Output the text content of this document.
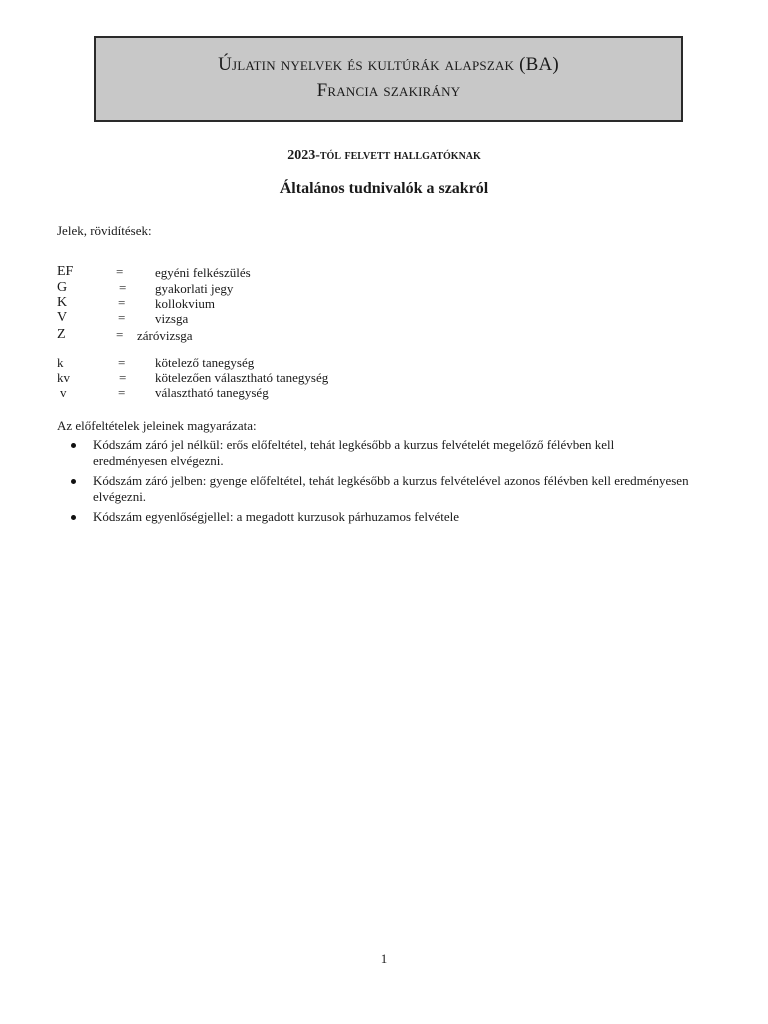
Újlatin nyelvek és kultúrák alapszak (BA)
Francia szakirány
2023-tól felvett hallgatóknak
Általános tudnivalók a szakról
Jelek, rövidítések:
EF	= egyéni felkészülés
G	= gyakorlati jegy
K	= kollokvium
V	= vizsga
Z	= záróvizsga
k	= kötelező tanegység
kv	= kötelezően választható tanegység
v	= választható tanegység
Az előfeltételek jeleinek magyarázata:
Kódszám záró jel nélkül: erős előfeltétel, tehát legkésőbb a kurzus felvételét megelőző félévben kell eredményesen elvégezni.
Kódszám záró jelben: gyenge előfeltétel, tehát legkésőbb a kurzus felvételével azonos félévben kell eredményesen elvégezni.
Kódszám egyenlőségjellel: a megadott kurzusok párhuzamos felvétele
1
